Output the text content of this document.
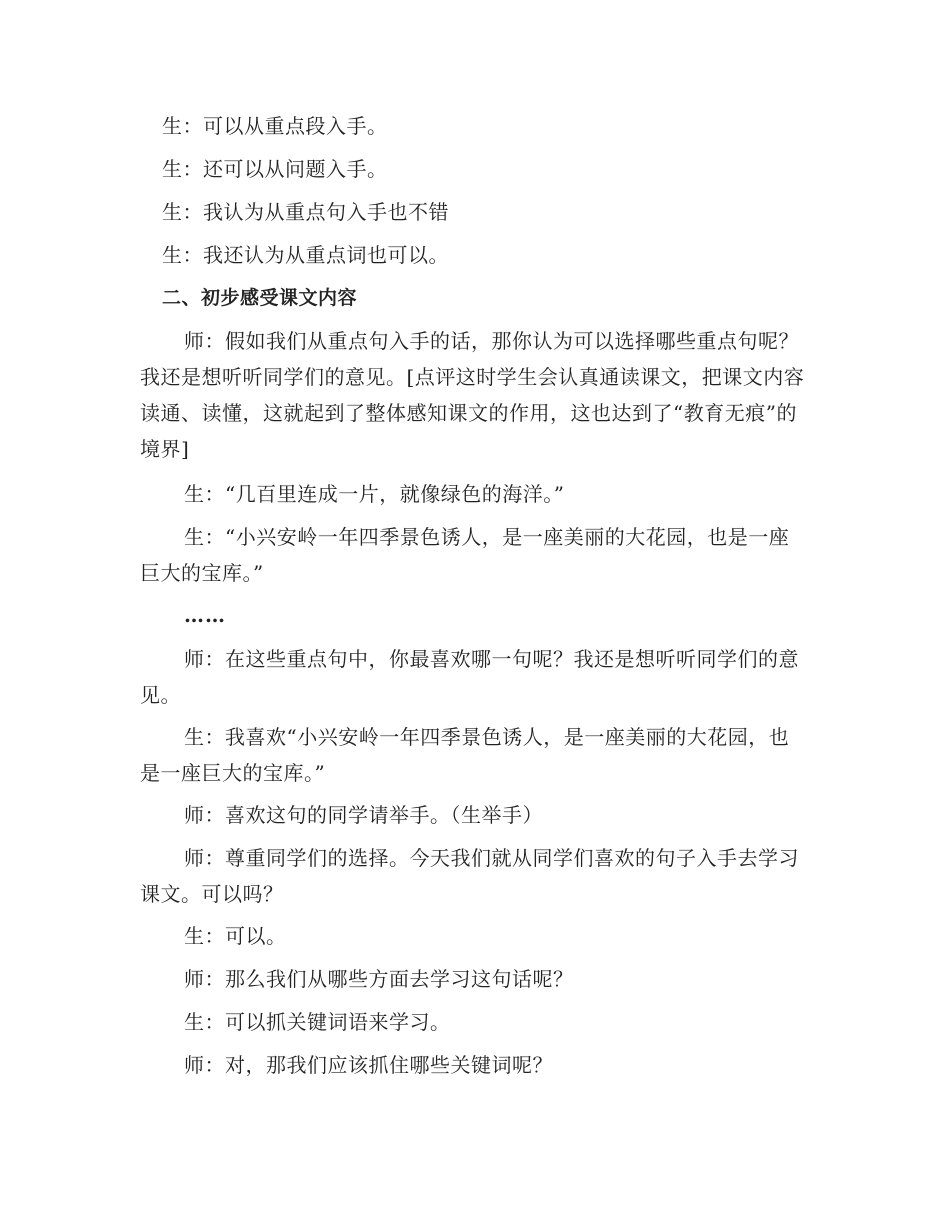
生：可以从重点段入手。

生：还可以从问题入手。

生：我认为从重点句入手也不错

生：我还认为从重点词也可以。

二、初步感受课文内容

师：假如我们从重点句入手的话，那你认为可以选择哪些重点句呢？我还是想听听同学们的意见。[点评这时学生会认真通读课文，把课文内容读通、读懂，这就起到了整体感知课文的作用，这也达到了“教育无痕”的境界]

生：“几百里连成一片，就像绿色的海洋。”

生：“小兴安岭一年四季景色诱人，是一座美丽的大花园，也是一座巨大的宝库。”

……

师：在这些重点句中，你最喜欢哪一句呢？我还是想听听同学们的意见。

生：我喜欢“小兴安岭一年四季景色诱人，是一座美丽的大花园，也是一座巨大的宝库。”

师：喜欢这句的同学请举手。（生举手）

师：尊重同学们的选择。今天我们就从同学们喜欢的句子入手去学习课文。可以吗？

生：可以。

师：那么我们从哪些方面去学习这句话呢？

生：可以抓关键词语来学习。

师：对，那我们应该抓住哪些关键词呢？
